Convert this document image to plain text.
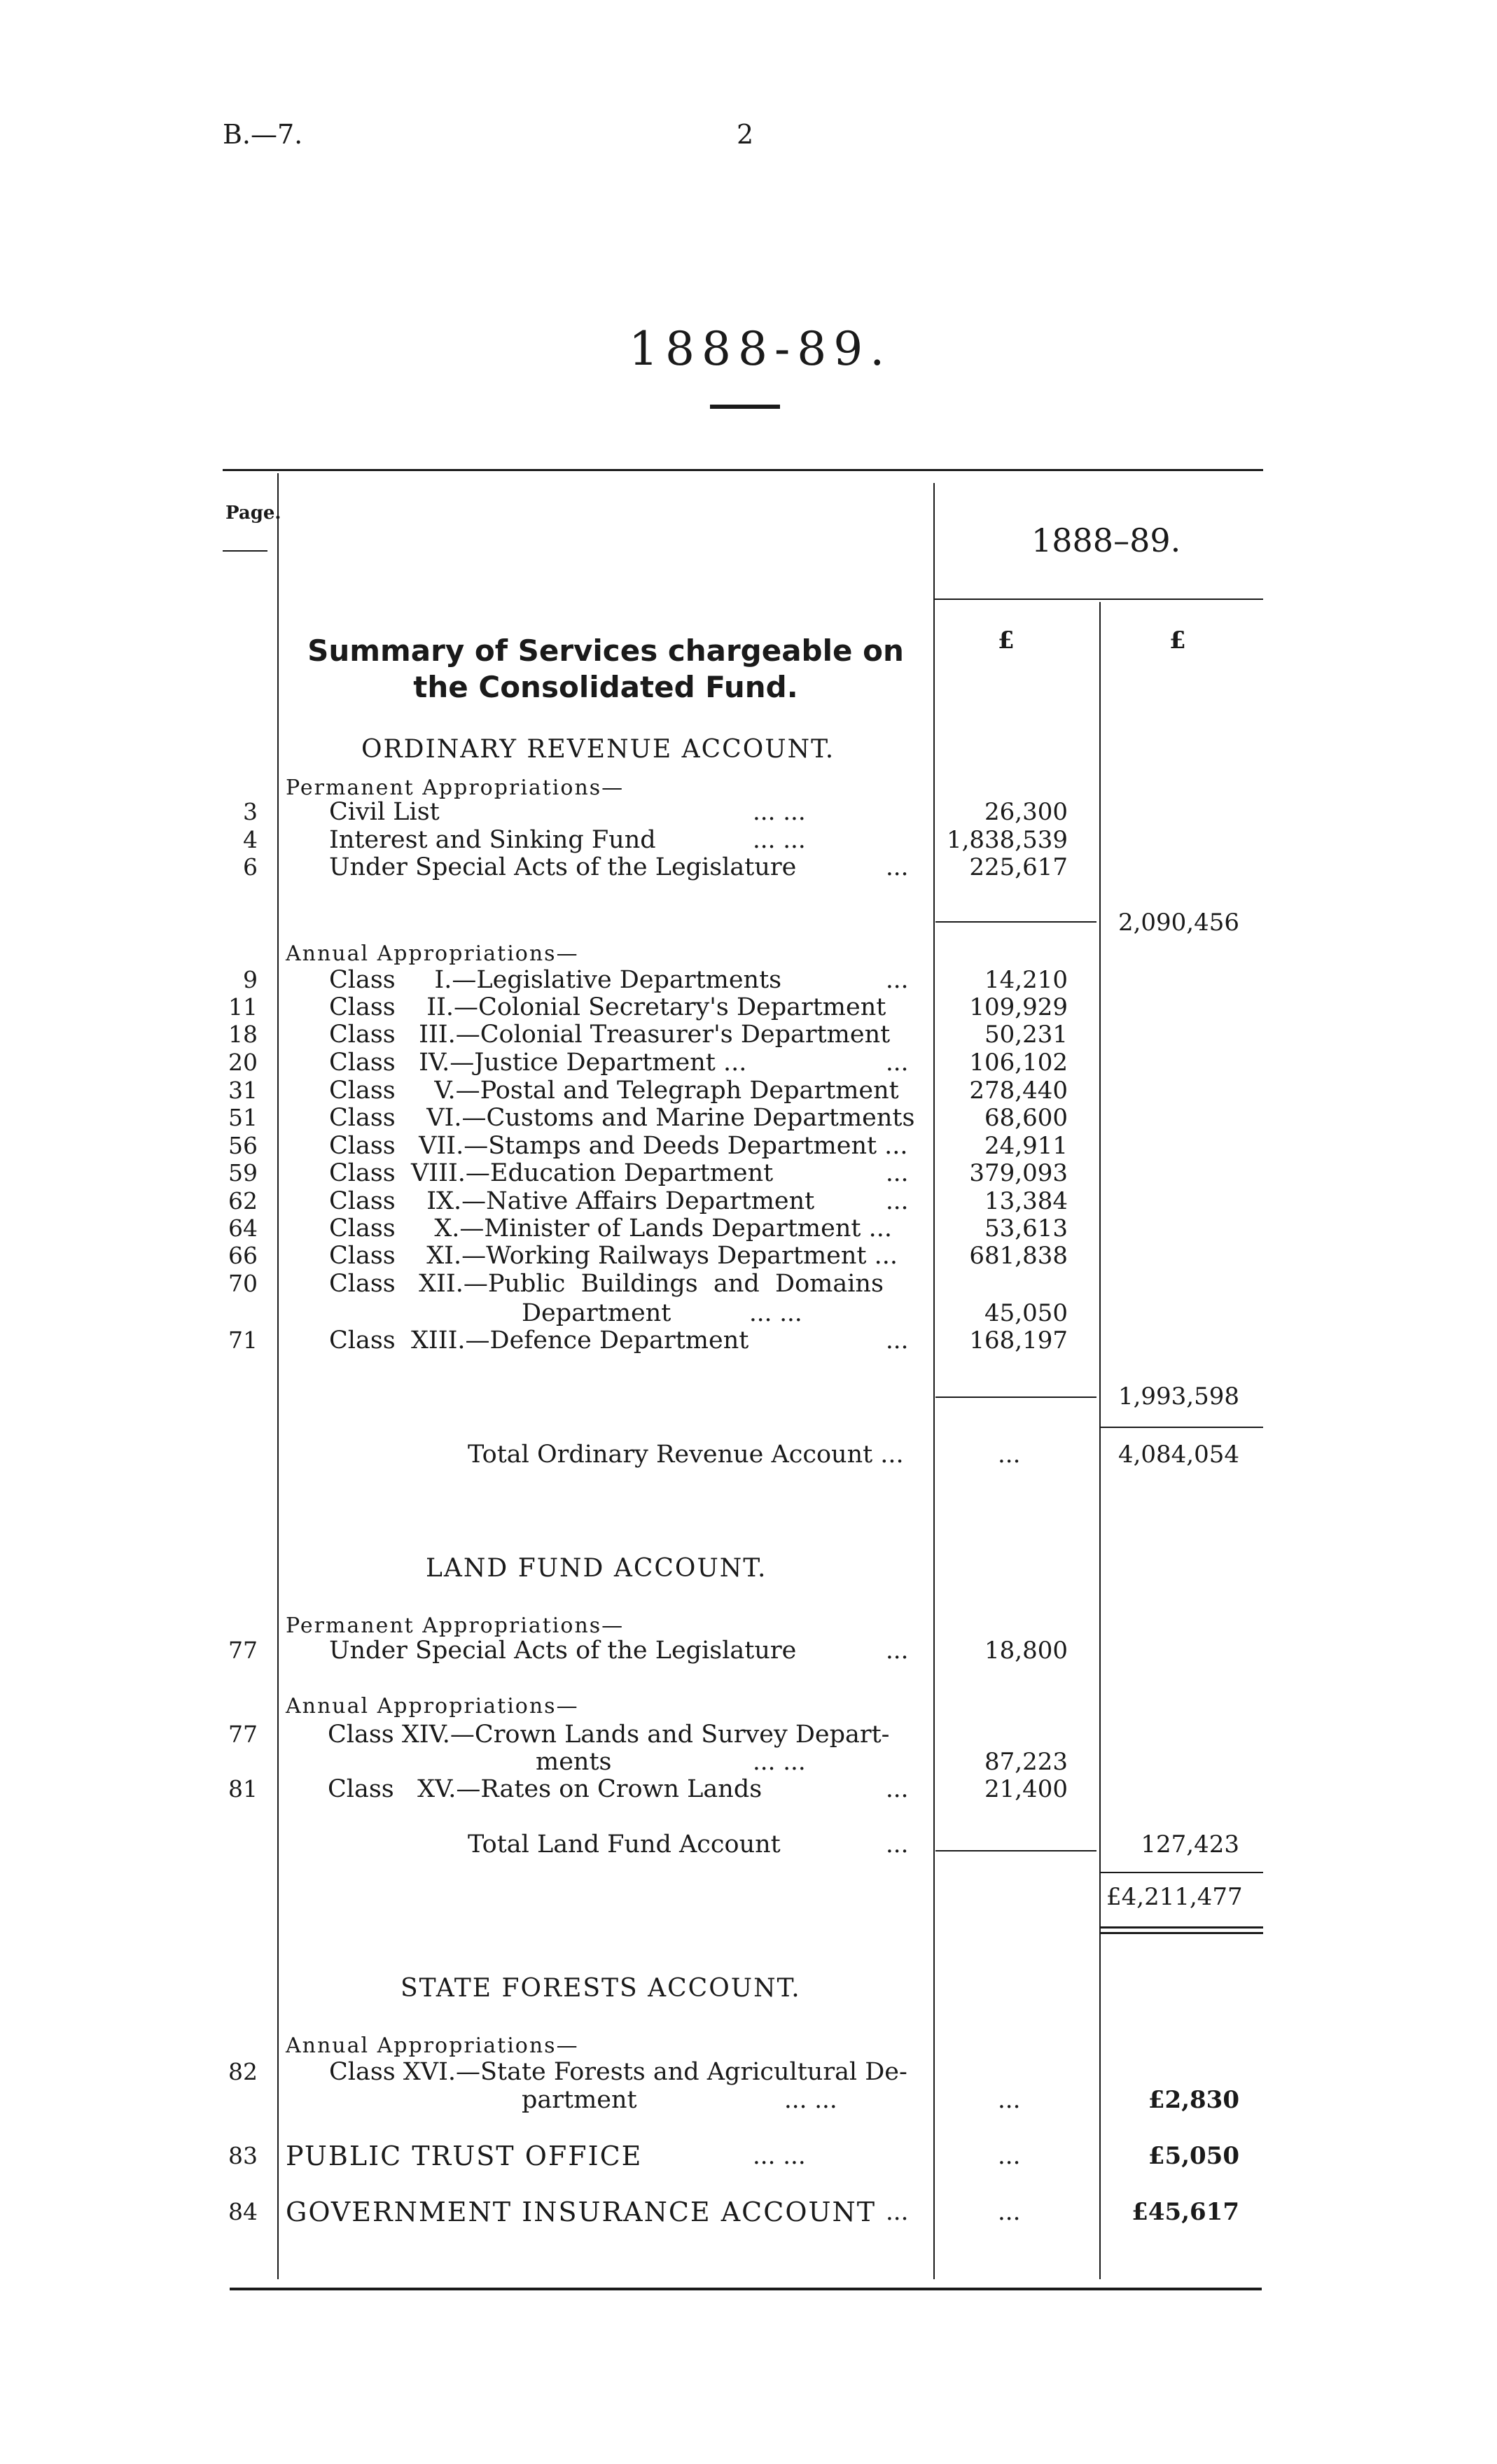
B.—7.	2
1888-89.
Page.
1888–89.
£	£
Summary of Services chargeable on
the Consolidated Fund.
ORDINARY REVENUE ACCOUNT.
Permanent Appropriations—
3	Civil List	... ...	26,300
4	Interest and Sinking Fund	... ...	1,838,539
6	Under Special Acts of the Legislature	...	225,617
2,090,456
Annual Appropriations—
9	Class     I.—Legislative Departments	...	14,210
11	Class    II.—Colonial Secretary's Department	109,929
18	Class   III.—Colonial Treasurer's Department	50,231
20	Class   IV.—Justice Department ...	...	106,102
31	Class     V.—Postal and Telegraph Department	278,440
51	Class    VI.—Customs and Marine Departments	68,600
56	Class   VII.—Stamps and Deeds Department ...	24,911
59	Class  VIII.—Education Department	...	379,093
62	Class    IX.—Native Affairs Department	...	13,384
64	Class     X.—Minister of Lands Department ...	53,613
66	Class    XI.—Working Railways Department ...	681,838
70	Class   XII.—Public  Buildings  and  Domains
Department	... ...	45,050
71	Class  XIII.—Defence Department	...	168,197
1,993,598
Total Ordinary Revenue Account ...	...	4,084,054
LAND FUND ACCOUNT.
Permanent Appropriations—
77	Under Special Acts of the Legislature	...	18,800
Annual Appropriations—
77	Class XIV.—Crown Lands and Survey Depart-
ments	... ...	87,223
81	Class   XV.—Rates on Crown Lands	...	21,400
Total Land Fund Account	...	127,423
£4,211,477
STATE FORESTS ACCOUNT.
Annual Appropriations—
82	Class XVI.—State Forests and Agricultural De-
partment	... ...	...	£2,830
83 PUBLIC TRUST OFFICE	... ...	...	£5,050
84 GOVERNMENT INSURANCE ACCOUNT ...	...	£45,617
